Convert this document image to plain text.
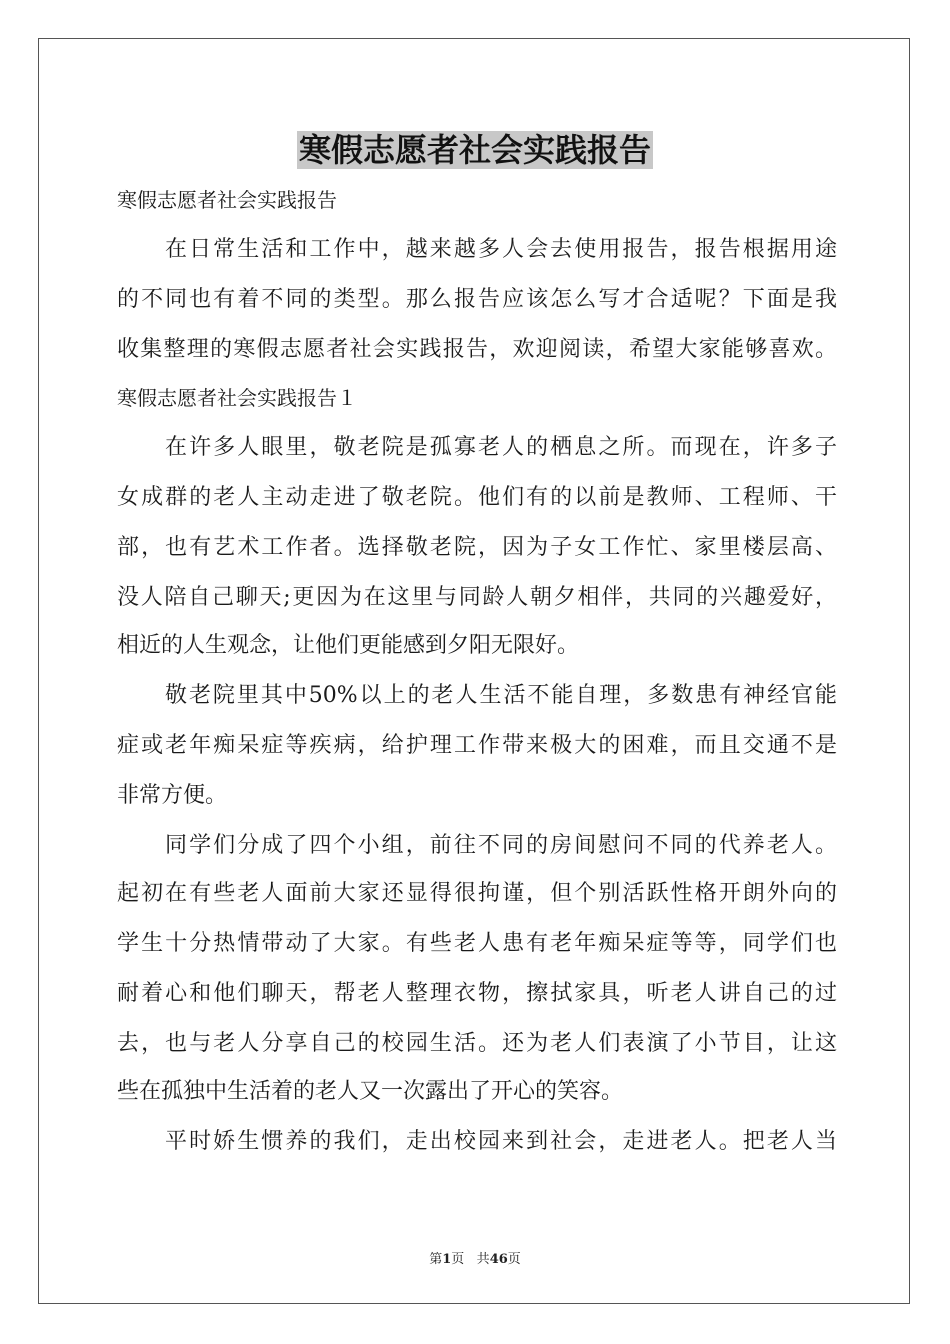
寒假志愿者社会实践报告
寒假志愿者社会实践报告
在日常生活和工作中，越来越多人会去使用报告，报告根据用途
的不同也有着不同的类型。那么报告应该怎么写才合适呢？下面是我
收集整理的寒假志愿者社会实践报告，欢迎阅读，希望大家能够喜欢。
寒假志愿者社会实践报告１
在许多人眼里，敬老院是孤寡老人的栖息之所。而现在，许多子
女成群的老人主动走进了敬老院。他们有的以前是教师、工程师、干
部，也有艺术工作者。选择敬老院，因为子女工作忙、家里楼层高、
没人陪自己聊天;更因为在这里与同龄人朝夕相伴，共同的兴趣爱好，
相近的人生观念，让他们更能感到夕阳无限好。
敬老院里其中50%以上的老人生活不能自理，多数患有神经官能
症或老年痴呆症等疾病，给护理工作带来极大的困难，而且交通不是
非常方便。
同学们分成了四个小组，前往不同的房间慰问不同的代养老人。
起初在有些老人面前大家还显得很拘谨，但个别活跃性格开朗外向的
学生十分热情带动了大家。有些老人患有老年痴呆症等等，同学们也
耐着心和他们聊天，帮老人整理衣物，擦拭家具，听老人讲自己的过
去，也与老人分享自己的校园生活。还为老人们表演了小节目，让这
些在孤独中生活着的老人又一次露出了开心的笑容。
平时娇生惯养的我们，走出校园来到社会，走进老人。把老人当
第1页 共46页
